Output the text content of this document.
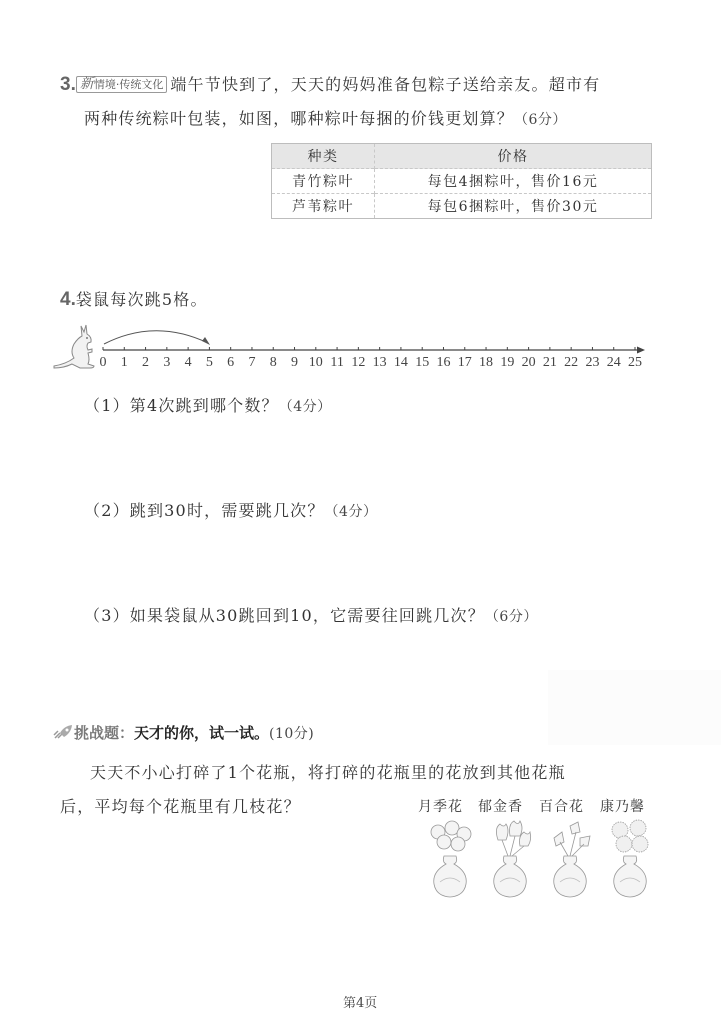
3. 新情境·传统文化 端午节快到了，天天的妈妈准备包粽子送给亲友。超市有
两种传统粽叶包装，如图，哪种粽叶每捆的价钱更划算？（6分）
种类	价格
青竹粽叶	每包4捆粽叶，售价16元
芦苇粽叶	每包6捆粽叶，售价30元
4.袋鼠每次跳5格。
0 1 2 3 4 5 6 7 8 9 10 11 12 13 14 15 16 17 18 19 20 21 22 23 24 25
（1）第4次跳到哪个数？（4分）
（2）跳到30时，需要跳几次？（4分）
（3）如果袋鼠从30跳回到10，它需要往回跳几次？（6分）
挑战题：天才的你，试一试。(10分)
天天不小心打碎了1个花瓶，将打碎的花瓶里的花放到其他花瓶
后，平均每个花瓶里有几枝花？	月季花 郁金香 百合花 康乃馨
第4页
